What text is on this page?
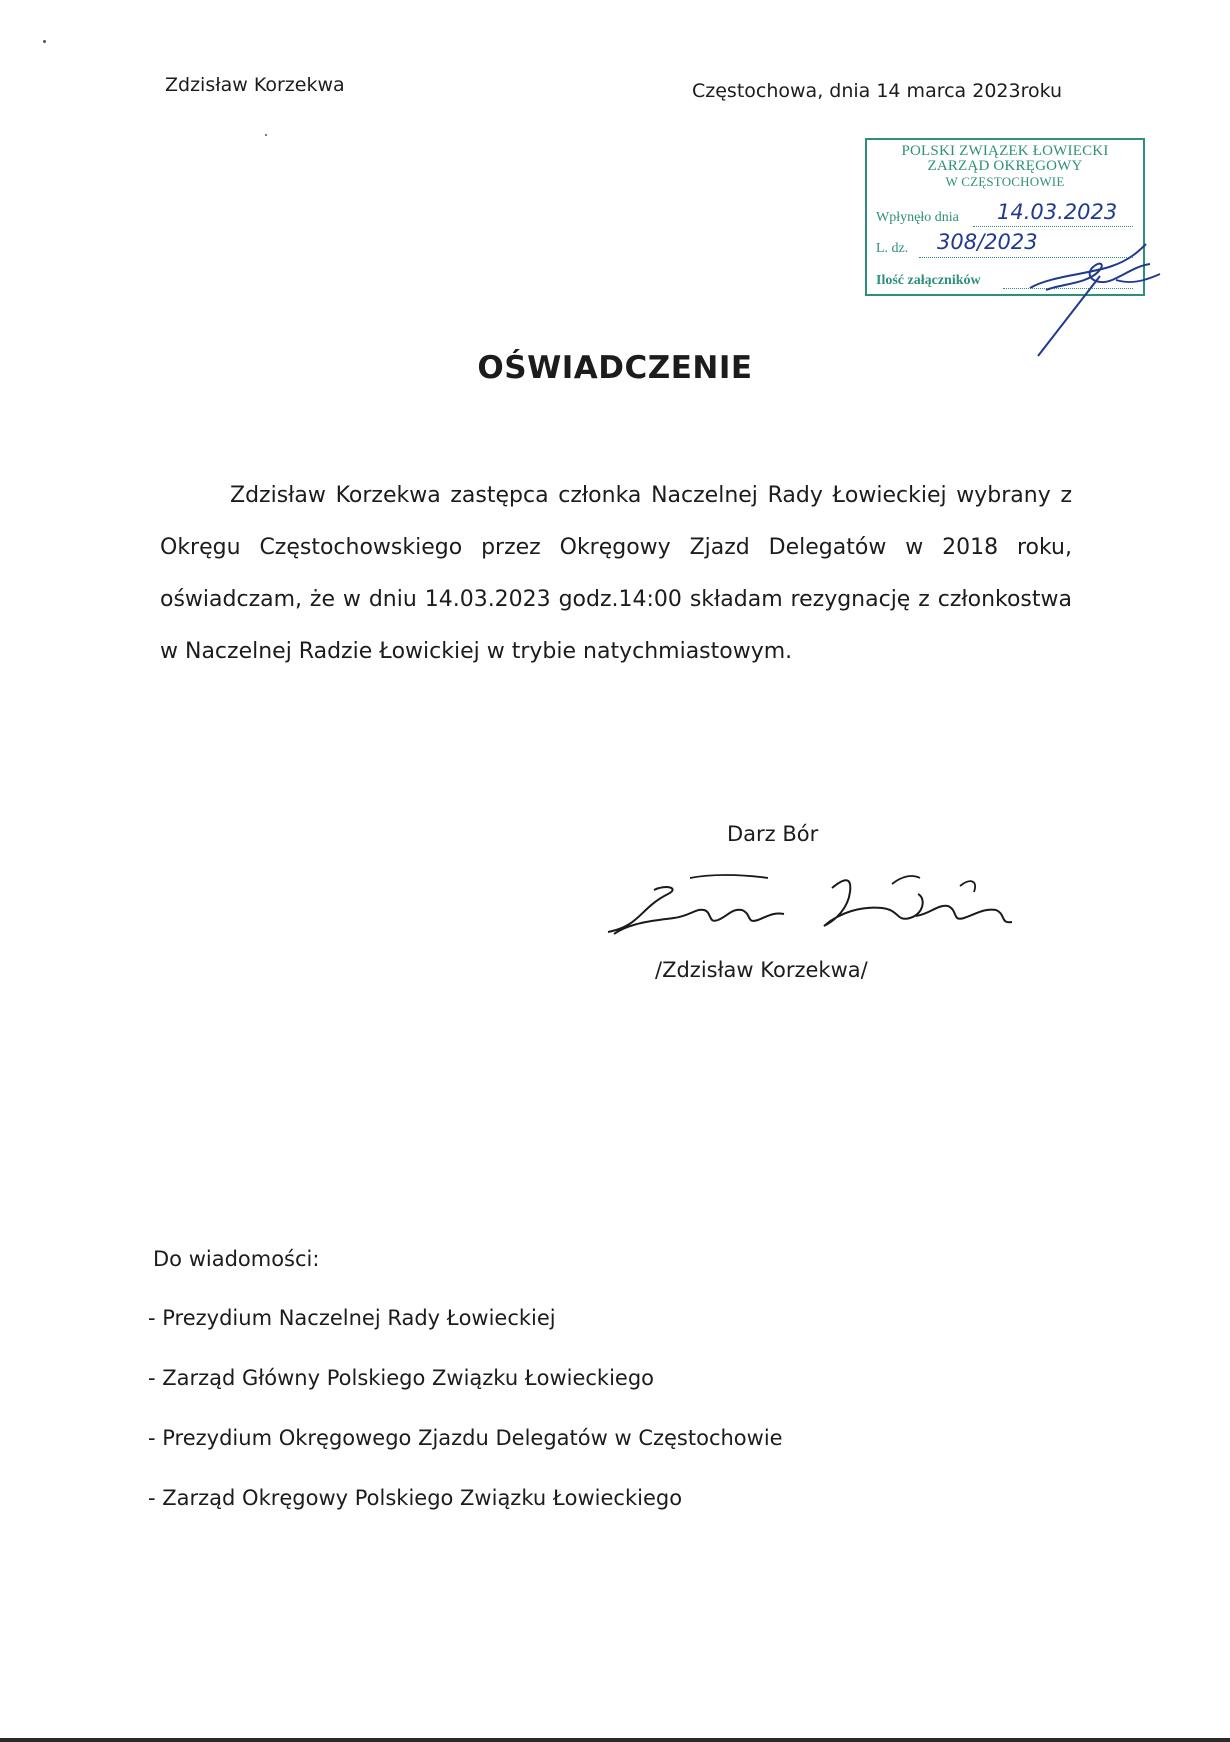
Zdzisław Korzekwa	Częstochowa, dnia 14 marca 2023roku
POLSKI ZWIĄZEK ŁOWIECKI
ZARZĄD OKRĘGOWY
W CZĘSTOCHOWIE
Wpłynęło dnia 14.03.2023
L. dz. 308/2023
Ilość załączników
OŚWIADCZENIE

Zdzisław Korzekwa zastępca członka Naczelnej Rady Łowieckiej wybrany z Okręgu Częstochowskiego przez Okręgowy Zjazd Delegatów w 2018 roku, oświadczam, że w dniu 14.03.2023 godz.14:00 składam rezygnację z członkostwa w Naczelnej Radzie Łowickiej w trybie natychmiastowym.

Darz Bór
/Zdzisław Korzekwa/
Do wiadomości:
- Prezydium Naczelnej Rady Łowieckiej
- Zarząd Główny Polskiego Związku Łowieckiego
- Prezydium Okręgowego Zjazdu Delegatów w Częstochowie
- Zarząd Okręgowy Polskiego Związku Łowieckiego
